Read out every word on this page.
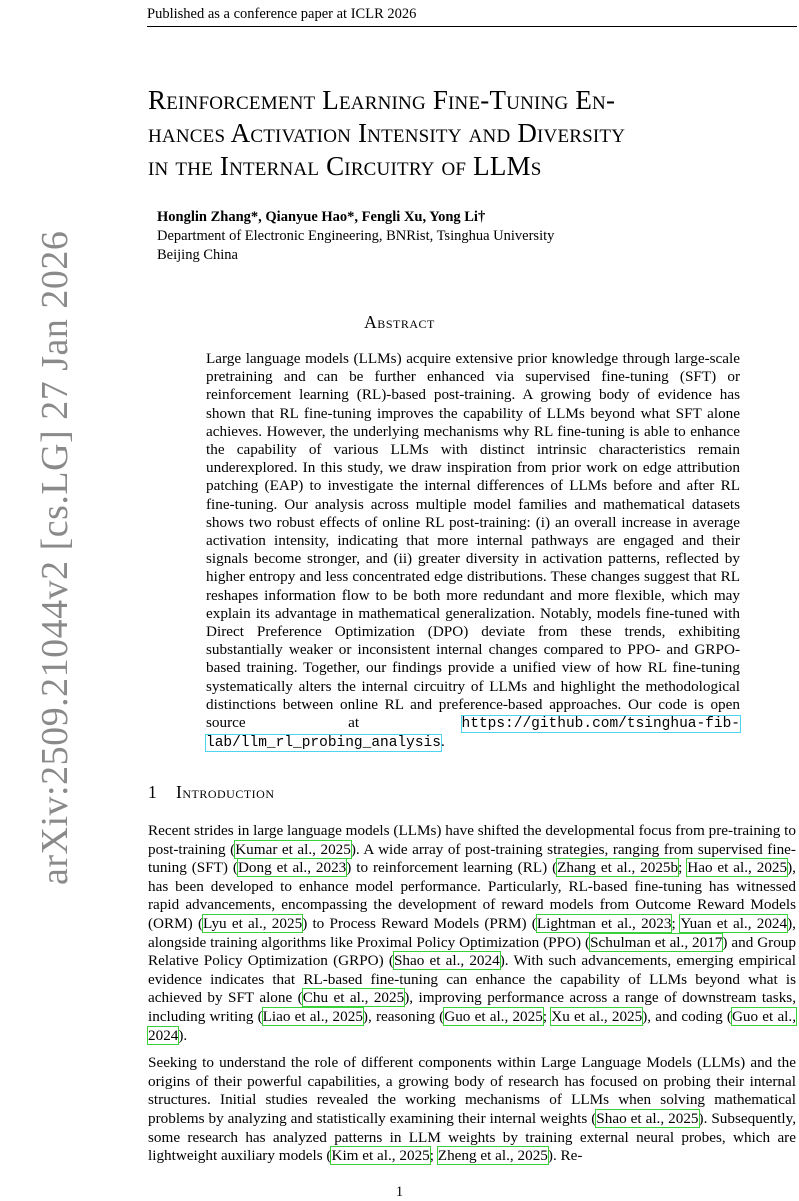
Published as a conference paper at ICLR 2026
arXiv:2509.21044v2 [cs.LG] 27 Jan 2026
Reinforcement Learning Fine-Tuning En-
hances Activation Intensity and Diversity
in the Internal Circuitry of LLMs
Honglin Zhang*, Qianyue Hao*, Fengli Xu, Yong Li†
Department of Electronic Engineering, BNRist, Tsinghua University
Beijing China
Abstract
Large language models (LLMs) acquire extensive prior knowledge through large-scale pretraining and can be further enhanced via supervised fine-tuning (SFT) or reinforcement learning (RL)-based post-training. A growing body of evidence has shown that RL fine-tuning improves the capability of LLMs beyond what SFT alone achieves. However, the underlying mechanisms why RL fine-tuning is able to enhance the capability of various LLMs with distinct intrinsic characteristics remain underexplored. In this study, we draw inspiration from prior work on edge attribution patching (EAP) to investigate the internal differences of LLMs before and after RL fine-tuning. Our analysis across multiple model families and mathematical datasets shows two robust effects of online RL post-training: (i) an overall increase in average activation intensity, indicating that more internal pathways are engaged and their signals become stronger, and (ii) greater diversity in activation patterns, reflected by higher entropy and less concentrated edge distributions. These changes suggest that RL reshapes information flow to be both more redundant and more flexible, which may explain its advantage in mathematical generalization. Notably, models fine-tuned with Direct Preference Optimization (DPO) deviate from these trends, exhibiting substantially weaker or inconsistent internal changes compared to PPO- and GRPO-based training. Together, our findings provide a unified view of how RL fine-tuning systematically alters the internal circuitry of LLMs and highlight the methodological distinctions between online RL and preference-based approaches. Our code is open source at https://github.com/tsinghua-fib-lab/llm_rl_probing_analysis.
1 Introduction

Recent strides in large language models (LLMs) have shifted the developmental focus from pre-training to post-training (Kumar et al., 2025). A wide array of post-training strategies, ranging from supervised fine-tuning (SFT) (Dong et al., 2023) to reinforcement learning (RL) (Zhang et al., 2025b; Hao et al., 2025), has been developed to enhance model performance. Particularly, RL-based fine-tuning has witnessed rapid advancements, encompassing the development of reward models from Outcome Reward Models (ORM) (Lyu et al., 2025) to Process Reward Models (PRM) (Lightman et al., 2023; Yuan et al., 2024), alongside training algorithms like Proximal Policy Optimization (PPO) (Schulman et al., 2017) and Group Relative Policy Optimization (GRPO) (Shao et al., 2024). With such advancements, emerging empirical evidence indicates that RL-based fine-tuning can enhance the capability of LLMs beyond what is achieved by SFT alone (Chu et al., 2025), improving performance across a range of downstream tasks, including writing (Liao et al., 2025), reasoning (Guo et al., 2025; Xu et al., 2025), and coding (Guo et al., 2024).

Seeking to understand the role of different components within Large Language Models (LLMs) and the origins of their powerful capabilities, a growing body of research has focused on probing their internal structures. Initial studies revealed the working mechanisms of LLMs when solving mathematical problems by analyzing and statistically examining their internal weights (Shao et al., 2025). Subsequently, some research has analyzed patterns in LLM weights by training external neural probes, which are lightweight auxiliary models (Kim et al., 2025; Zheng et al., 2025). Re-

1
